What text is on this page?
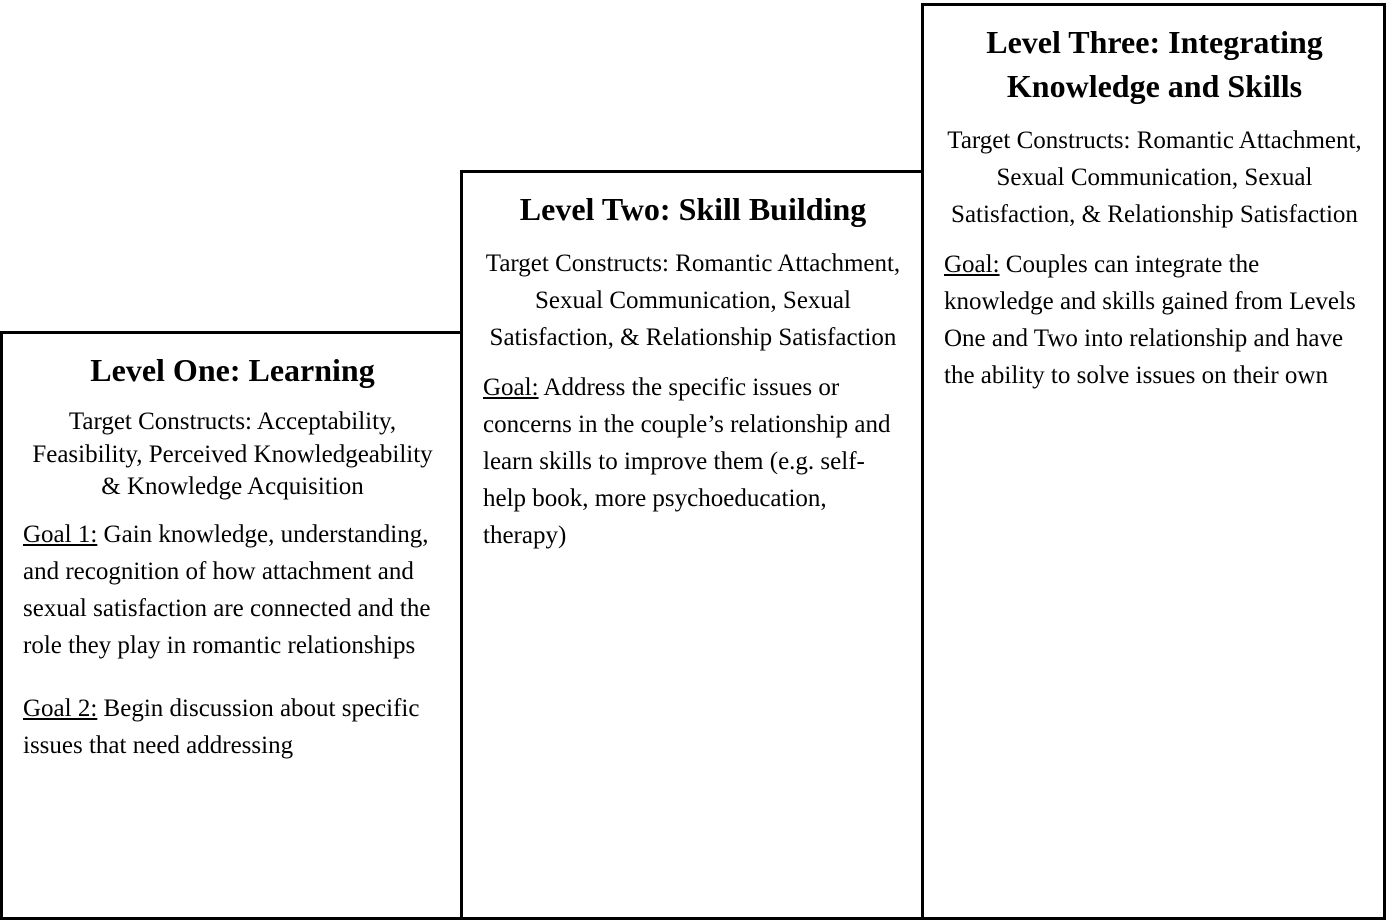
Level One: Learning
Target Constructs: Acceptability, Feasibility, Perceived Knowledgeability & Knowledge Acquisition
Goal 1: Gain knowledge, understanding, and recognition of how attachment and sexual satisfaction are connected and the role they play in romantic relationships
Goal 2: Begin discussion about specific issues that need addressing
Level Two: Skill Building
Target Constructs: Romantic Attachment, Sexual Communication, Sexual Satisfaction, & Relationship Satisfaction
Goal: Address the specific issues or concerns in the couple’s relationship and learn skills to improve them (e.g. self-help book, more psychoeducation, therapy)
Level Three: Integrating Knowledge and Skills
Target Constructs: Romantic Attachment, Sexual Communication, Sexual Satisfaction, & Relationship Satisfaction
Goal: Couples can integrate the knowledge and skills gained from Levels One and Two into relationship and have the ability to solve issues on their own
